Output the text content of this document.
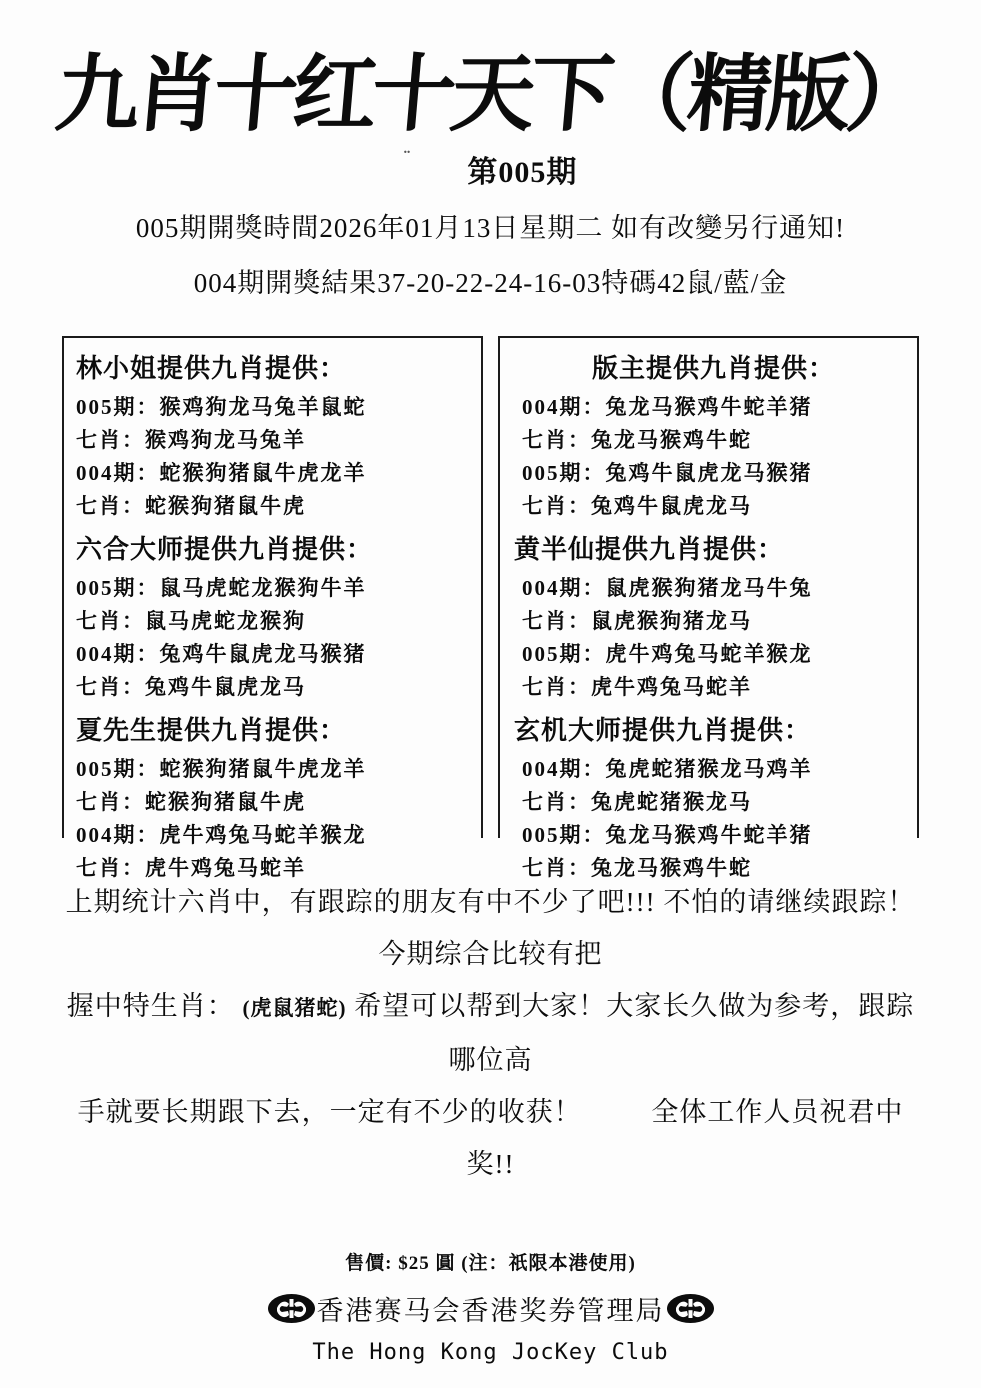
九肖十红十天下（精版）
¨ 第005期
005期開獎時間2026年01月13日星期二 如有改變另行通知!
004期開獎結果37-20-22-24-16-03特碼42鼠/藍/金
林小姐提供九肖提供：
005期：猴鸡狗龙马兔羊鼠蛇
七肖：猴鸡狗龙马兔羊
004期：蛇猴狗猪鼠牛虎龙羊
七肖：蛇猴狗猪鼠牛虎
六合大师提供九肖提供：
005期：鼠马虎蛇龙猴狗牛羊
七肖：鼠马虎蛇龙猴狗
004期：兔鸡牛鼠虎龙马猴猪
七肖：兔鸡牛鼠虎龙马
夏先生提供九肖提供：
005期：蛇猴狗猪鼠牛虎龙羊
七肖：蛇猴狗猪鼠牛虎
004期：虎牛鸡兔马蛇羊猴龙
七肖：虎牛鸡兔马蛇羊
版主提供九肖提供：
004期：兔龙马猴鸡牛蛇羊猪
七肖：兔龙马猴鸡牛蛇
005期：兔鸡牛鼠虎龙马猴猪
七肖：兔鸡牛鼠虎龙马
黄半仙提供九肖提供：
004期：鼠虎猴狗猪龙马牛兔
七肖：鼠虎猴狗猪龙马
005期：虎牛鸡兔马蛇羊猴龙
七肖：虎牛鸡兔马蛇羊
玄机大师提供九肖提供：
004期：兔虎蛇猪猴龙马鸡羊
七肖：兔虎蛇猪猴龙马
005期：兔龙马猴鸡牛蛇羊猪
七肖：兔龙马猴鸡牛蛇
上期统计六肖中，有跟踪的朋友有中不少了吧!!! 不怕的请继续跟踪！今期综合比较有把
握中特生肖： (虎鼠猪蛇) 希望可以帮到大家！大家长久做为参考，跟踪哪位高
手就要长期跟下去，一定有不少的收获！	全体工作人员祝君中奖!!
售價: $25 圓 (注：祇限本港使用)
香港赛马会香港奖券管理局
The Hong Kong JocKey Club
